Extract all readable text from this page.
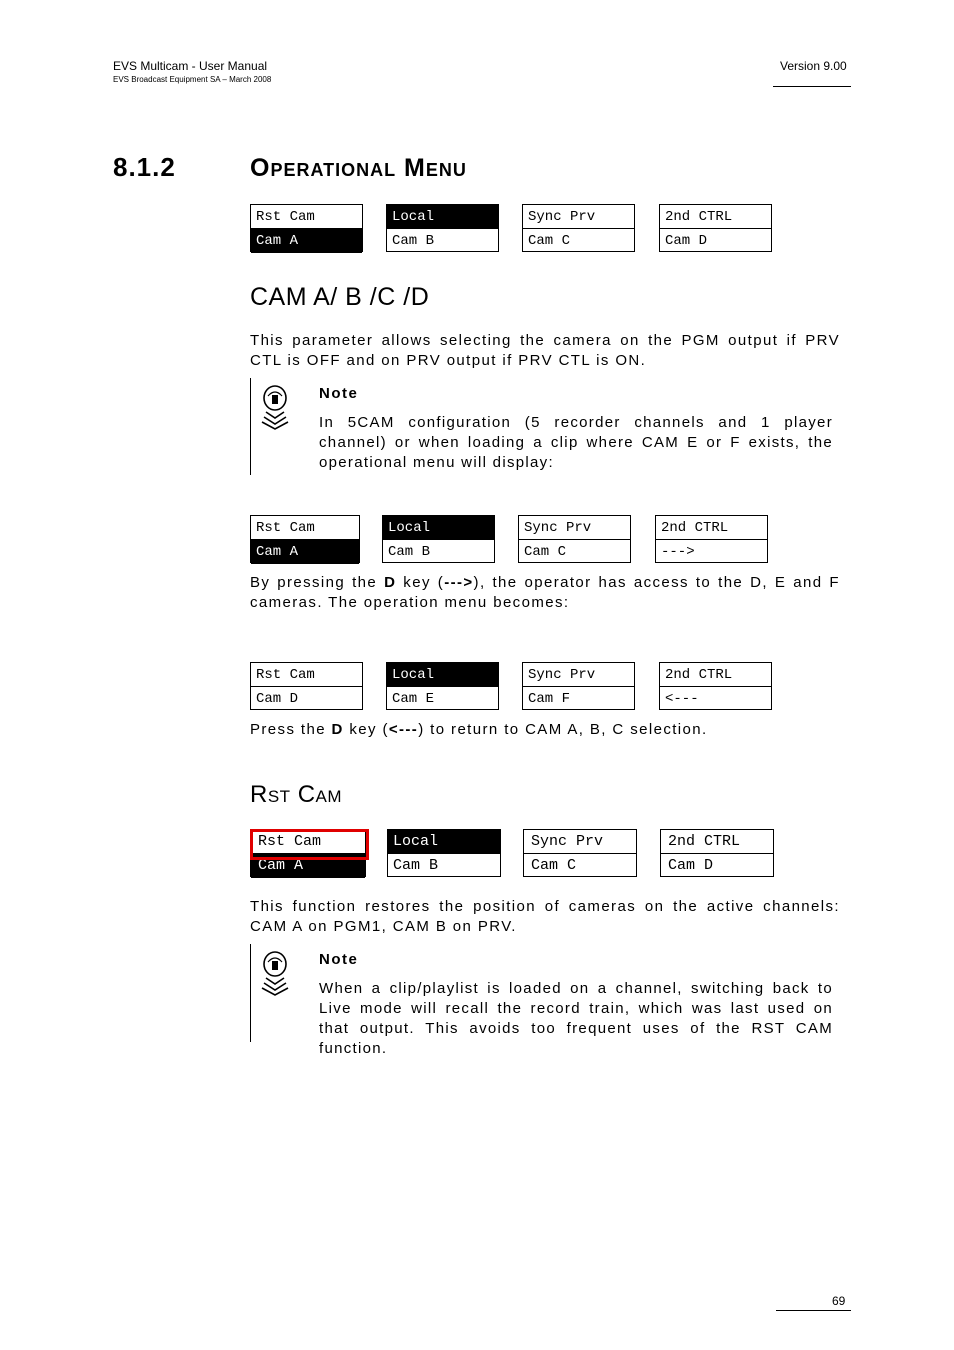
EVS Multicam - User Manual
EVS Broadcast Equipment SA – March 2008
Version 9.00
8.1.2	Operational Menu
Rst Cam
Cam A
Local
Cam B
Sync Prv
Cam C
2nd CTRL
Cam D
CAM A/ B /C /D
This parameter allows selecting the camera on the PGM output if PRV CTL is OFF and on PRV output if PRV CTL is ON.
Note
In 5CAM configuration (5 recorder channels and 1 player channel) or when loading a clip where CAM E or F exists, the operational menu will display:
Rst Cam
Cam A
Local
Cam B
Sync Prv
Cam C
2nd CTRL
--->
By pressing the D key (--->), the operator has access to the D, E and F cameras. The operation menu becomes:
Rst Cam
Cam D
Local
Cam E
Sync Prv
Cam F
2nd CTRL
<---
Press the D key (<---) to return to CAM A, B, C selection.
Rst Cam
Rst Cam
Cam A
Local
Cam B
Sync Prv
Cam C
2nd CTRL
Cam D
This function restores the position of cameras on the active channels: CAM A on PGM1, CAM B on PRV.
Note
When a clip/playlist is loaded on a channel, switching back to Live mode will recall the record train, which was last used on that output. This avoids too frequent uses of the RST CAM function.
69
